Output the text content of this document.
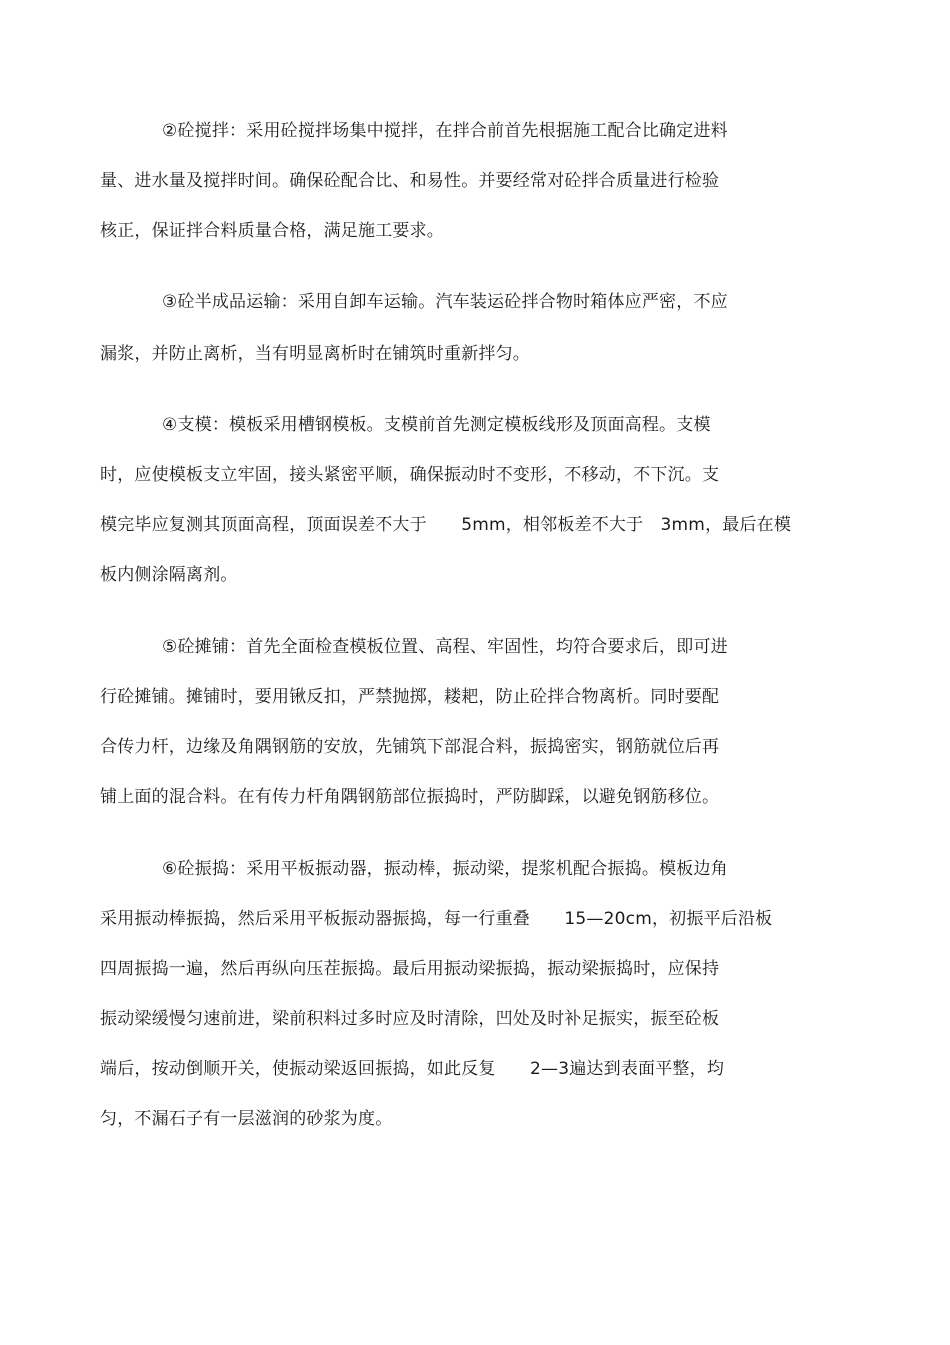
②砼搅拌：采用砼搅拌场集中搅拌，在拌合前首先根据施工配合比确定进料
量、进水量及搅拌时间。确保砼配合比、和易性。并要经常对砼拌合质量进行检验
核正，保证拌合料质量合格，满足施工要求。
③砼半成品运输：采用自卸车运输。汽车装运砼拌合物时箱体应严密，不应
漏浆，并防止离析，当有明显离析时在铺筑时重新拌匀。
④支模：模板采用槽钢模板。支模前首先测定模板线形及顶面高程。支模
时，应使模板支立牢固，接头紧密平顺，确保振动时不变形，不移动，不下沉。支
模完毕应复测其顶面高程，顶面误差不大于　　5mm，相邻板差不大于　3mm，最后在模
板内侧涂隔离剂。
⑤砼摊铺：首先全面检查模板位置、高程、牢固性，均符合要求后，即可进
行砼摊铺。摊铺时，要用锹反扣，严禁抛掷，耧耙，防止砼拌合物离析。同时要配
合传力杆，边缘及角隅钢筋的安放，先铺筑下部混合料，振捣密实，钢筋就位后再
铺上面的混合料。在有传力杆角隅钢筋部位振捣时，严防脚踩，以避免钢筋移位。
⑥砼振捣：采用平板振动器，振动棒，振动梁，提浆机配合振捣。模板边角
采用振动棒振捣，然后采用平板振动器振捣，每一行重叠　　15—20cm，初振平后沿板
四周振捣一遍，然后再纵向压茬振捣。最后用振动梁振捣，振动梁振捣时，应保持
振动梁缓慢匀速前进，梁前积料过多时应及时清除，凹处及时补足振实，振至砼板
端后，按动倒顺开关，使振动梁返回振捣，如此反复　　2—3遍达到表面平整，均
匀，不漏石子有一层滋润的砂浆为度。
